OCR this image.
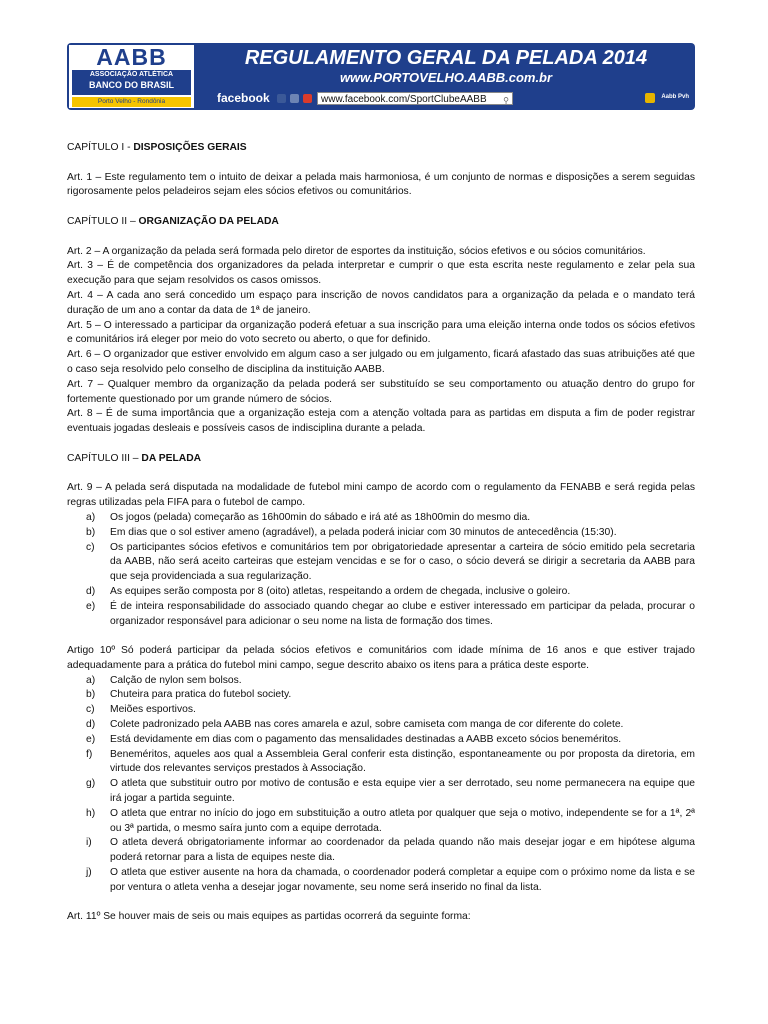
AABB
ASSOCIAÇÃO ATLÉTICA
BANCO DO BRASIL
Porto Velho - Rondônia
REGULAMENTO GERAL DA PELADA 2014
www.PORTOVELHO.AABB.com.br
facebook	www.facebook.com/SportClubeAABB ⚲	Aabb Pvh

CAPÍTULO I - DISPOSIÇÕES GERAIS

Art. 1 – Este regulamento tem o intuito de deixar a pelada mais harmoniosa, é um conjunto de normas e disposições a serem seguidas rigorosamente pelos peladeiros sejam eles sócios efetivos ou comunitários.

CAPÍTULO II – ORGANIZAÇÃO DA PELADA

Art. 2 – A organização da pelada será formada pelo diretor de esportes da instituição, sócios efetivos e ou sócios comunitários.

Art. 3 – É de competência dos organizadores da pelada interpretar e cumprir o que esta escrita neste regulamento e zelar pela sua execução para que sejam resolvidos os casos omissos.

Art. 4 – A cada ano será concedido um espaço para inscrição de novos candidatos para a organização da pelada e o mandato terá duração de um ano a contar da data de 1ª de janeiro.

Art. 5 – O interessado a participar da organização poderá efetuar a sua inscrição para uma eleição interna onde todos os sócios efetivos e comunitários irá eleger por meio do voto secreto ou aberto, o que for definido.

Art. 6 – O organizador que estiver envolvido em algum caso a ser julgado ou em julgamento, ficará afastado das suas atribuições até que o caso seja resolvido pelo conselho de disciplina da instituição AABB.

Art. 7 – Qualquer membro da organização da pelada poderá ser substituído se seu comportamento ou atuação dentro do grupo for fortemente questionado por um grande número de sócios.

Art. 8 – É de suma importância que a organização esteja com a atenção voltada para as partidas em disputa a fim de poder registrar eventuais jogadas desleais e possíveis casos de indisciplina durante a pelada.

CAPÍTULO III – DA PELADA

Art. 9 – A pelada será disputada na modalidade de futebol mini campo de acordo com o regulamento da FENABB e será regida pelas regras utilizadas pela FIFA para o futebol de campo.

a)	Os jogos (pelada) começarão as 16h00min do sábado e irá até as 18h00min do mesmo dia.
b)	Em dias que o sol estiver ameno (agradável), a pelada poderá iniciar com 30 minutos de antecedência (15:30).
c)	Os participantes sócios efetivos e comunitários tem por obrigatoriedade apresentar a carteira de sócio emitido pela secretaria da AABB, não será aceito carteiras que estejam vencidas e se for o caso, o sócio deverá se dirigir a secretaria da AABB para que seja providenciada a sua regularização.
d)	As equipes serão composta por 8 (oito) atletas, respeitando a ordem de chegada, inclusive o goleiro.
e)	É de inteira responsabilidade do associado quando chegar ao clube e estiver interessado em participar da pelada, procurar o organizador responsável para adicionar o seu nome na lista de formação dos times.

Artigo 10º Só poderá participar da pelada sócios efetivos e comunitários com idade mínima de 16 anos e que estiver trajado adequadamente para a prática do futebol mini campo, segue descrito abaixo os itens para a prática deste esporte.

a)	Calção de nylon sem bolsos.
b)	Chuteira para pratica do futebol society.
c)	Meiões esportivos.
d)	Colete padronizado pela AABB nas cores amarela e azul, sobre camiseta com manga de cor diferente do colete.
e)	Está devidamente em dias com o pagamento das mensalidades destinadas a AABB exceto sócios beneméritos.
f)	Beneméritos, aqueles aos qual a Assembleia Geral conferir esta distinção, espontaneamente ou por proposta da diretoria, em virtude dos relevantes serviços prestados à Associação.
g)	O atleta que substituir outro por motivo de contusão e esta equipe vier a ser derrotado, seu nome permanecera na equipe que irá jogar a partida seguinte.
h)	O atleta que entrar no início do jogo em substituição a outro atleta por qualquer que seja o motivo, independente se for a 1ª, 2ª ou 3ª partida, o mesmo saíra junto com a equipe derrotada.
i)	O atleta deverá obrigatoriamente informar ao coordenador da pelada quando não mais desejar jogar e em hipótese alguma poderá retornar para a lista de equipes neste dia.
j)	O atleta que estiver ausente na hora da chamada, o coordenador poderá completar a equipe com o próximo nome da lista e se por ventura o atleta venha a desejar jogar novamente, seu nome será inserido no final da lista.

Art. 11º Se houver mais de seis ou mais equipes as partidas ocorrerá da seguinte forma:
